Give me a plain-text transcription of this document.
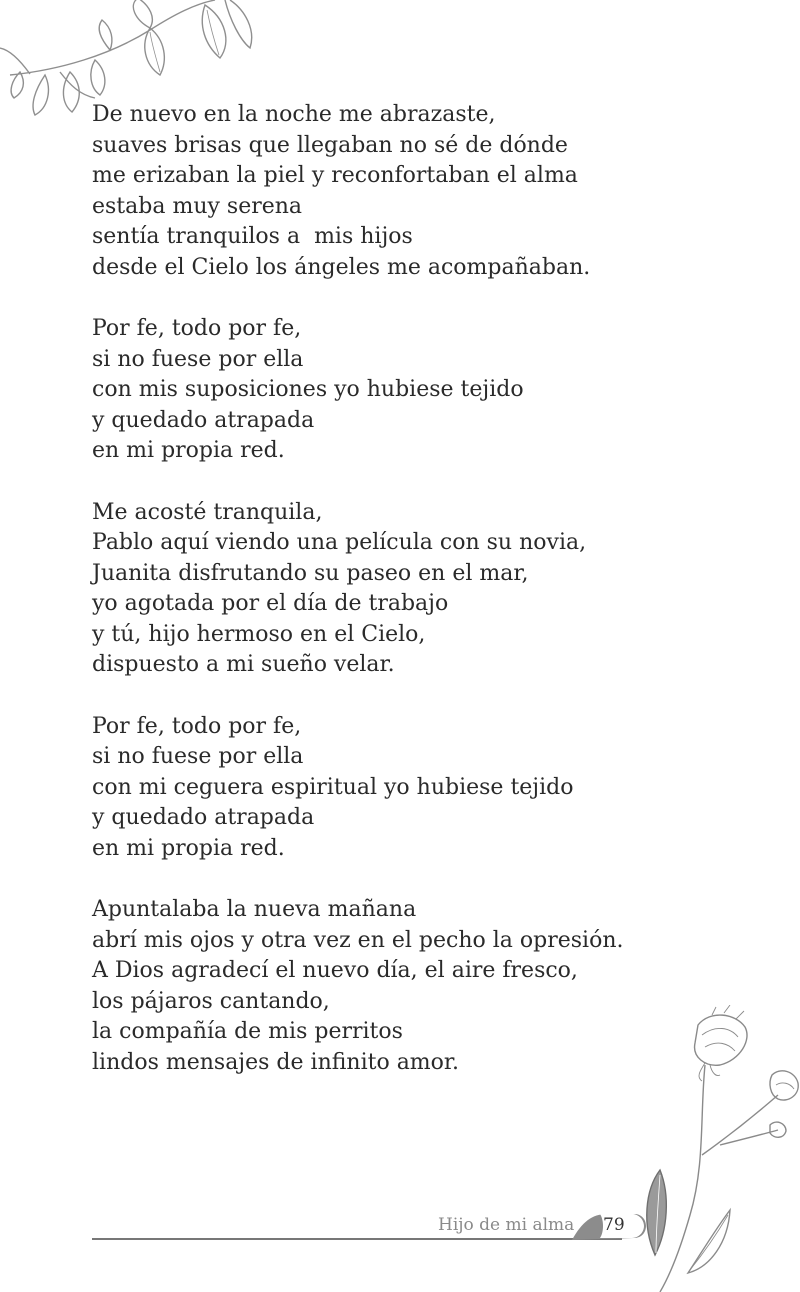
De nuevo en la noche me abrazaste,
suaves brisas que llegaban no sé de dónde
me erizaban la piel y reconfortaban el alma
estaba muy serena
sentía tranquilos a  mis hijos
desde el Cielo los ángeles me acompañaban.
Por fe, todo por fe,
si no fuese por ella
con mis suposiciones yo hubiese tejido
y quedado atrapada
en mi propia red.
Me acosté tranquila,
Pablo aquí viendo una película con su novia,
Juanita disfrutando su paseo en el mar,
yo agotada por el día de trabajo
y tú, hijo hermoso en el Cielo,
dispuesto a mi sueño velar.
Por fe, todo por fe,
si no fuese por ella
con mi ceguera espiritual yo hubiese tejido
y quedado atrapada
en mi propia red.
Apuntalaba la nueva mañana
abrí mis ojos y otra vez en el pecho la opresión.
A Dios agradecí el nuevo día, el aire fresco,
los pájaros cantando,
la compañía de mis perritos
lindos mensajes de infinito amor.
Hijo de mi alma 79
